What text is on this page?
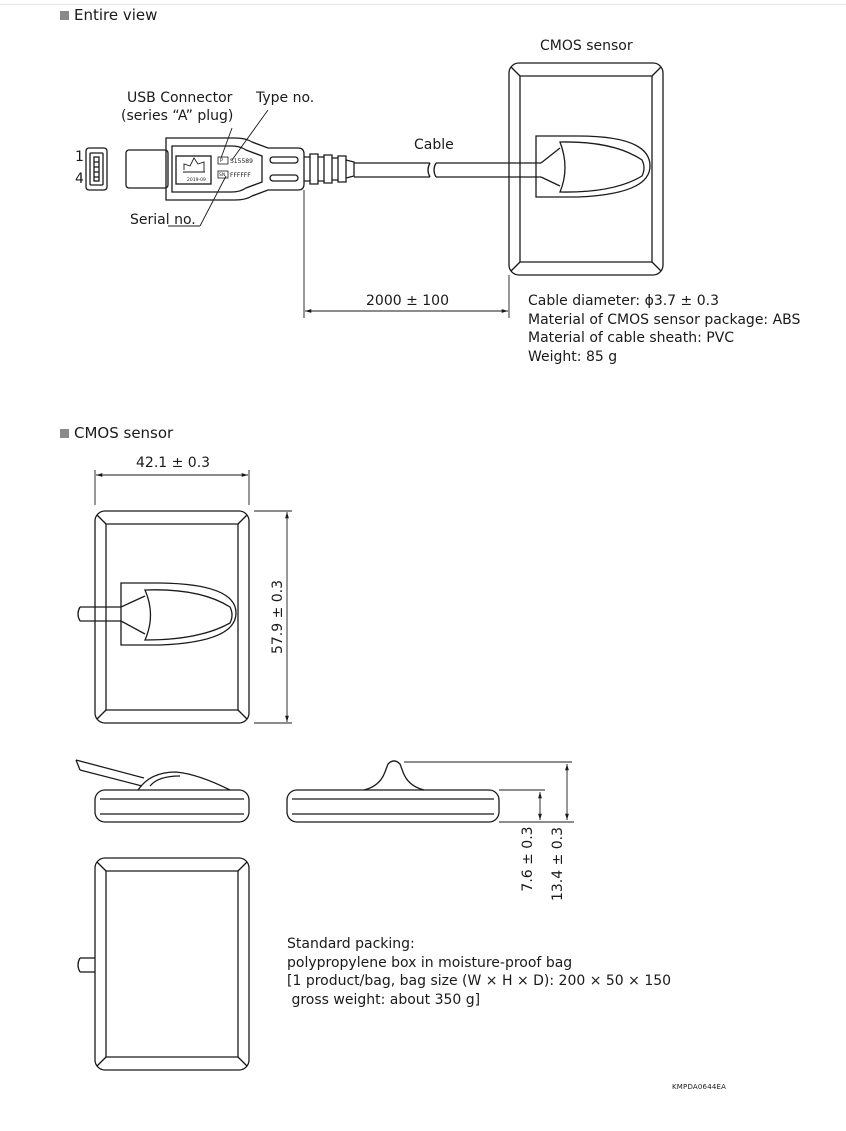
Entire view
CMOS sensor
57.9 ± 0.3
7.6 ± 0.3 13.4 ± 0.3
2019-09
P
SN
S15589
FFFFFF
CMOS sensor
USB Connector
(series “A” plug)
Type no.
Cable
Serial no.
1
4
2000 ± 100	Cable diameter: ϕ3.7 ± 0.3
Material of CMOS sensor package: ABS
Material of cable sheath: PVC
Weight: 85 g
42.1 ± 0.3
Standard packing:
polypropylene box in moisture-proof bag
[1 product/bag, bag size (W × H × D): 200 × 50 × 150
gross weight: about 350 g]
KMPDA0644EA
